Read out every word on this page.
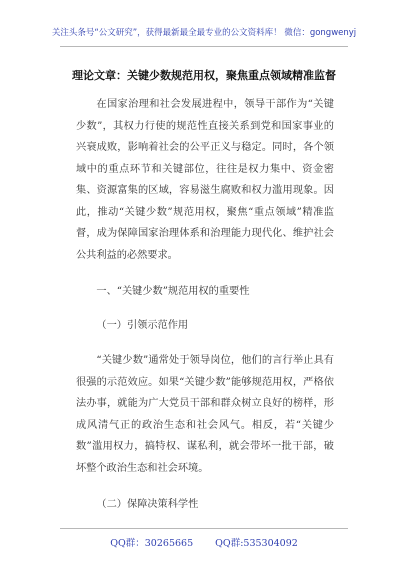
关注头条号“公文研究”，获得最新最全最专业的公文资料库！ 微信：gongwenyj
理论文章：关键少数规范用权，聚焦重点领域精准监督

在国家治理和社会发展进程中，领导干部作为“关键少数”，其权力行使的规范性直接关系到党和国家事业的兴衰成败，影响着社会的公平正义与稳定。同时，各个领域中的重点环节和关键部位，往往是权力集中、资金密集、资源富集的区域，容易滋生腐败和权力滥用现象。因此，推动“关键少数”规范用权，聚焦“重点领域”精准监督，成为保障国家治理体系和治理能力现代化、维护社会公共利益的必然要求。

一、“关键少数”规范用权的重要性

（一）引领示范作用

“关键少数”通常处于领导岗位，他们的言行举止具有很强的示范效应。如果“关键少数”能够规范用权，严格依法办事，就能为广大党员干部和群众树立良好的榜样，形成风清气正的政治生态和社会风气。相反，若“关键少数”滥用权力，搞特权、谋私利，就会带坏一批干部，破坏整个政治生态和社会环境。

（二）保障决策科学性

QQ群：30265665 QQ群:535304092
